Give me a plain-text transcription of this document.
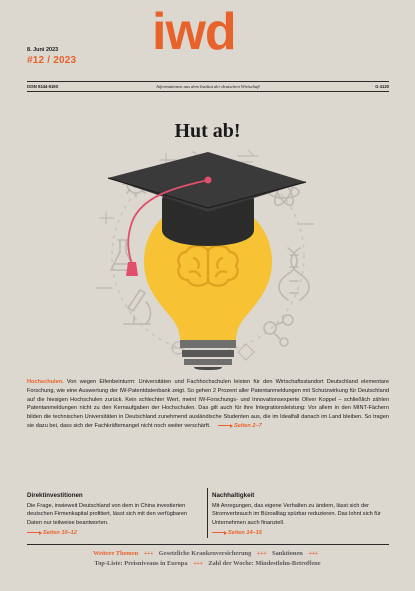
8. Juni 2023
#12 / 2023 iwd
ISSN 0344-919X	Informationen aus dem Institut der deutschen Wirtschaft	G 4120
Hut ab!
Hochschulen. Von wegen Elfenbeinturm: Universitäten und Fachhochschulen leisten für den Wirtschaftsstandort Deutschland elementare Forschung, wie eine Auswertung der IW-Patentdatenbank zeigt. So gehen 2 Prozent aller Patentanmeldungen mit Schutzwirkung für Deutschland auf die hiesigen Hochschulen zurück. Kein schlechter Wert, meint IW-Forschungs- und Innovationsexperte Oliver Koppel – schließlich zählen Patentanmeldungen nicht zu den Kernaufgaben der Hochschulen. Das gilt auch für ihre Integrationsleistung: Vor allem in den MINT-Fächern bilden die technischen Universitäten in Deutschland zunehmend ausländische Studenten aus, die im Idealfall danach im Land bleiben. So tragen sie dazu bei, dass sich der Fachkräftemangel nicht noch weiter verschärft.	Seiten 2–7
Direktinvestitionen

Die Frage, inwieweit Deutschland von dem in China investierten deutschen Firmenkapital profitiert, lässt sich mit den verfügbaren Daten nur teilweise beantworten.

Seiten 10–12
Nachhaltigkeit

Mit Anregungen, das eigene Verhalten zu ändern, lässt sich der Stromverbrauch im Büroalltag spürbar reduzieren. Das lohnt sich für Unternehmen auch finanziell.

Seiten 14–15
Weitere Themen +++ Gesetzliche Krankenversicherung +++ Sanktionen +++
Top-Liste: Preisniveaus in Europa +++ Zahl der Woche: Mindestlohn-Betroffene
